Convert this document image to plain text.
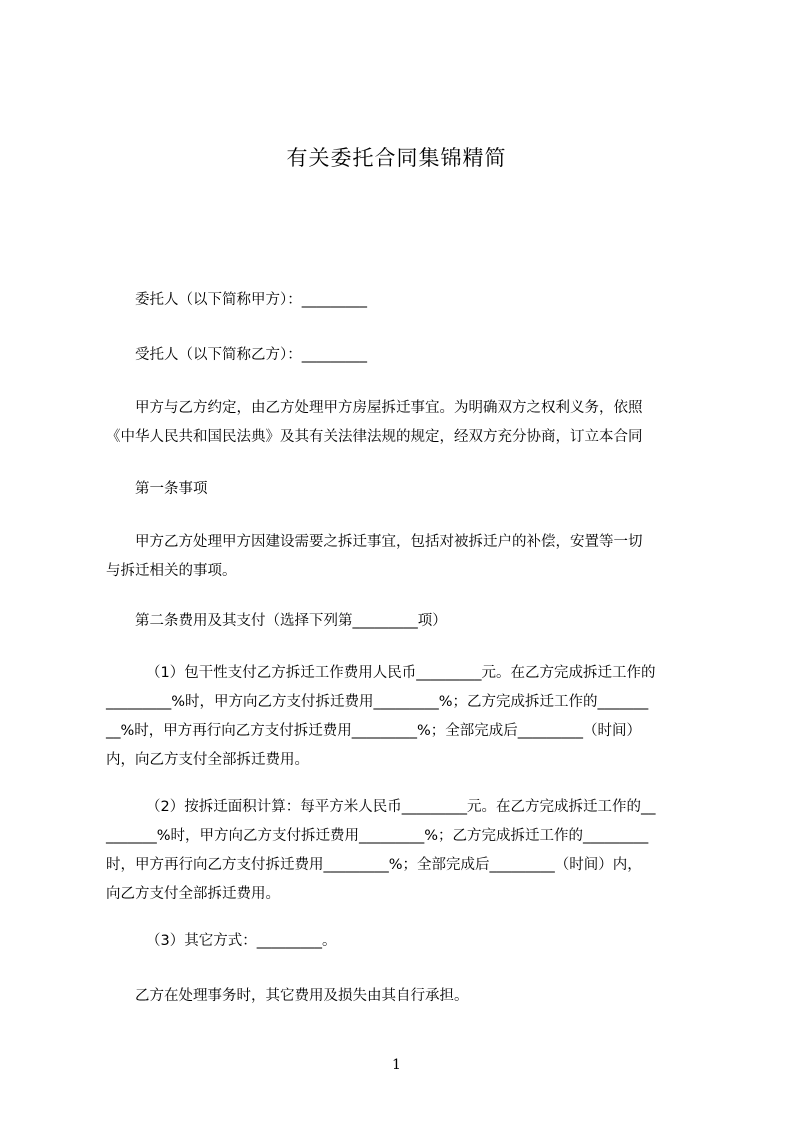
有关委托合同集锦精简
委托人（以下简称甲方）：_________
受托人（以下简称乙方）：_________
甲方与乙方约定，由乙方处理甲方房屋拆迁事宜。为明确双方之权利义务，依照
《中华人民共和国民法典》及其有关法律法规的规定，经双方充分协商，订立本合同
第一条事项
甲方乙方处理甲方因建设需要之拆迁事宜，包括对被拆迁户的补偿，安置等一切
与拆迁相关的事项。
第二条费用及其支付（选择下列第_________项）
（1）包干性支付乙方拆迁工作费用人民币_________元。在乙方完成拆迁工作的
_________%时，甲方向乙方支付拆迁费用_________%；乙方完成拆迁工作的_______
__%时，甲方再行向乙方支付拆迁费用_________%；全部完成后_________（时间）
内，向乙方支付全部拆迁费用。
（2）按拆迁面积计算：每平方米人民币_________元。在乙方完成拆迁工作的__
_______%时，甲方向乙方支付拆迁费用_________%；乙方完成拆迁工作的_________
时，甲方再行向乙方支付拆迁费用_________%；全部完成后_________（时间）内，
向乙方支付全部拆迁费用。
（3）其它方式：_________。
乙方在处理事务时，其它费用及损失由其自行承担。
1
